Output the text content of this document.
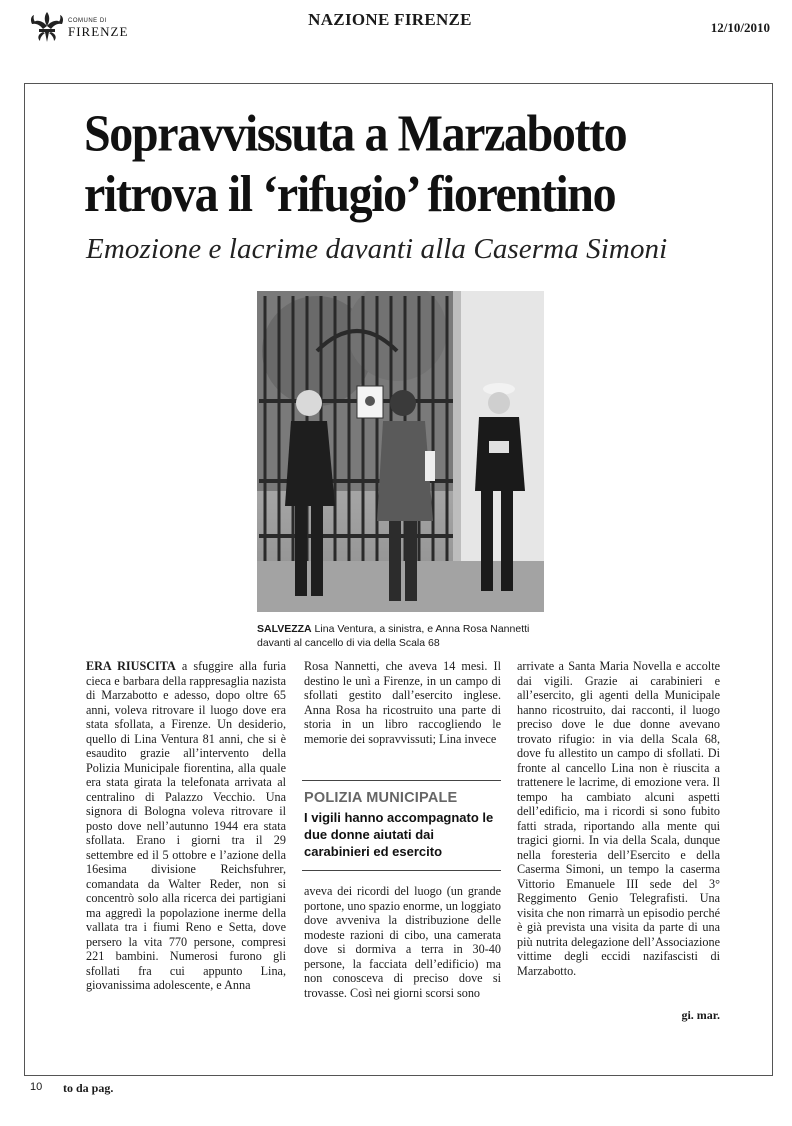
COMUNE DI
FIRENZE
NAZIONE FIRENZE	12/10/2010
Sopravvissuta a Marzabotto
ritrova il ‘rifugio’ fiorentino
Emozione e lacrime davanti alla Caserma Simoni
SALVEZZA Lina Ventura, a sinistra, e Anna Rosa Nannetti davanti al cancello di via della Scala 68

ERA RIUSCITA a sfuggire alla furia cieca e barbara della rappresaglia nazista di Marzabotto e adesso, dopo oltre 65 anni, voleva ritrovare il luogo dove era stata sfollata, a Firenze. Un desiderio, quello di Lina Ventura 81 anni, che si è esaudito grazie all’intervento della Polizia Municipale fiorentina, alla quale era stata girata la telefonata arrivata al centralino di Palazzo Vecchio. Una signora di Bologna voleva ritrovare il posto dove nell’autunno 1944 era stata sfollata. Erano i giorni tra il 29 settembre ed il 5 ottobre e l’azione della 16esima divisione Reichsfuhrer, comandata da Walter Reder, non si concentrò solo alla ricerca dei partigiani ma aggredì la popolazione inerme della vallata tra i fiumi Reno e Setta, dove persero la vita 770 persone, compresi 221 bambini. Numerosi furono gli sfollati fra cui appunto Lina, giovanissima adolescente, e Anna

Rosa Nannetti, che aveva 14 mesi. Il destino le unì a Firenze, in un campo di sfollati gestito dall’esercito inglese. Anna Rosa ha ricostruito una parte di storia in un libro raccogliendo le memorie dei sopravvissuti; Lina invece

POLIZIA MUNICIPALE
I vigili hanno accompagnato le due donne aiutati dai carabinieri ed esercito

aveva dei ricordi del luogo (un grande portone, uno spazio enorme, un loggiato dove avveniva la distribuzione delle modeste razioni di cibo, una camerata dove si dormiva a terra in 30-40 persone, la facciata dell’edificio) ma non conosceva di preciso dove si trovasse. Così nei giorni scorsi sono

arrivate a Santa Maria Novella e accolte dai vigili. Grazie ai carabinieri e all’esercito, gli agenti della Municipale hanno ricostruito, dai racconti, il luogo preciso dove le due donne avevano trovato rifugio: in via della Scala 68, dove fu allestito un campo di sfollati. Di fronte al cancello Lina non è riuscita a trattenere le lacrime, di emozione vera. Il tempo ha cambiato alcuni aspetti dell’edificio, ma i ricordi si sono fubito fatti strada, riportando alla mente qui tragici giorni. In via della Scala, dunque nella foresteria dell’Esercito e della Caserma Simoni, un tempo la caserma Vittorio Emanuele III sede del 3° Reggimento Genio Telegrafisti. Una visita che non rimarrà un episodio perché è già prevista una visita da parte di una più nutrita delegazione dell’Associazione vittime degli eccidi nazifascisti di Marzabotto.

gi. mar.
10 to da pag.
